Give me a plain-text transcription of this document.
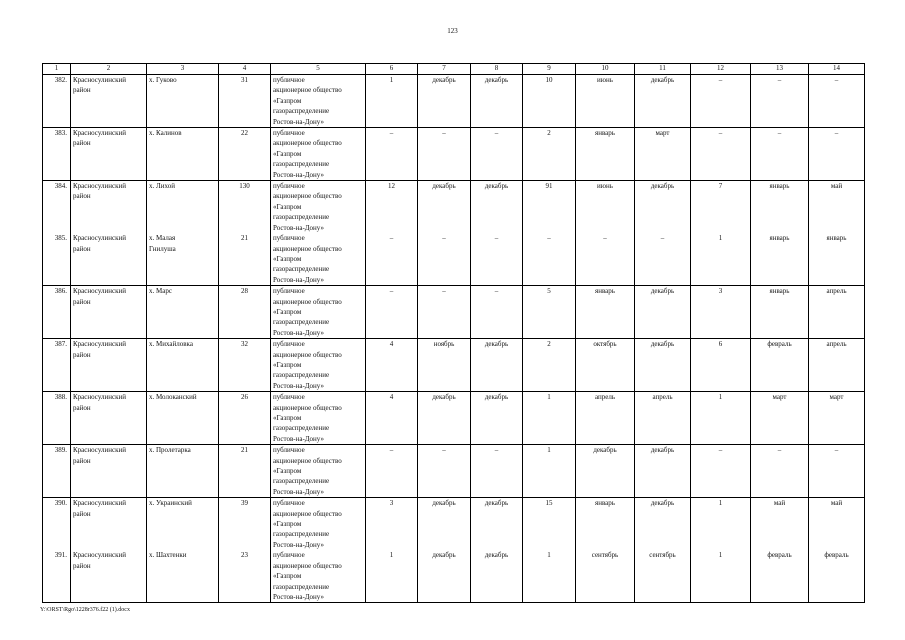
123
1	2	3	4	5	6	7	8	9	10	11	12	13	14
382.	Красносулинский
район	х. Гуково	31	публичное
акционерное общество
«Газпром
газораспределение
Ростов-на-Дону»	1	декабрь	декабрь	10	июнь	декабрь	–	–	–
383.	Красносулинский
район	х. Калинов	22	публичное
акционерное общество
«Газпром
газораспределение
Ростов-на-Дону»	–	–	–	2	январь	март	–	–	–
384.	Красносулинский
район	х. Лихой	130	публичное
акционерное общество
«Газпром
газораспределение
Ростов-на-Дону»	12	декабрь	декабрь	91	июнь	декабрь	7	январь	май
385.	Красносулинский
район	х. Малая
Гнилуша	21	публичное
акционерное общество
«Газпром
газораспределение
Ростов-на-Дону»	–	–	–	–	–	–	1	январь	январь
386.	Красносулинский
район	х. Марс	28	публичное
акционерное общество
«Газпром
газораспределение
Ростов-на-Дону»	–	–	–	5	январь	декабрь	3	январь	апрель
387.	Красносулинский
район	х. Михайловка	32	публичное
акционерное общество
«Газпром
газораспределение
Ростов-на-Дону»	4	ноябрь	декабрь	2	октябрь	декабрь	6	февраль	апрель
388.	Красносулинский
район	х. Молоканский	26	публичное
акционерное общество
«Газпром
газораспределение
Ростов-на-Дону»	4	декабрь	декабрь	1	апрель	апрель	1	март	март
389.	Красносулинский
район	х. Пролетарка	21	публичное
акционерное общество
«Газпром
газораспределение
Ростов-на-Дону»	–	–	–	1	декабрь	декабрь	–	–	–
390.	Красносулинский
район	х. Украинский	39	публичное
акционерное общество
«Газпром
газораспределение
Ростов-на-Дону»	3	декабрь	декабрь	15	январь	декабрь	1	май	май
391.	Красносулинский
район	х. Шахтенки	23	публичное
акционерное общество
«Газпром
газораспределение
Ростов-на-Дону»	1	декабрь	декабрь	1	сентябрь	сентябрь	1	февраль	февраль
Y:\ORST\Rgo\1228r376.f22 (1).docx
